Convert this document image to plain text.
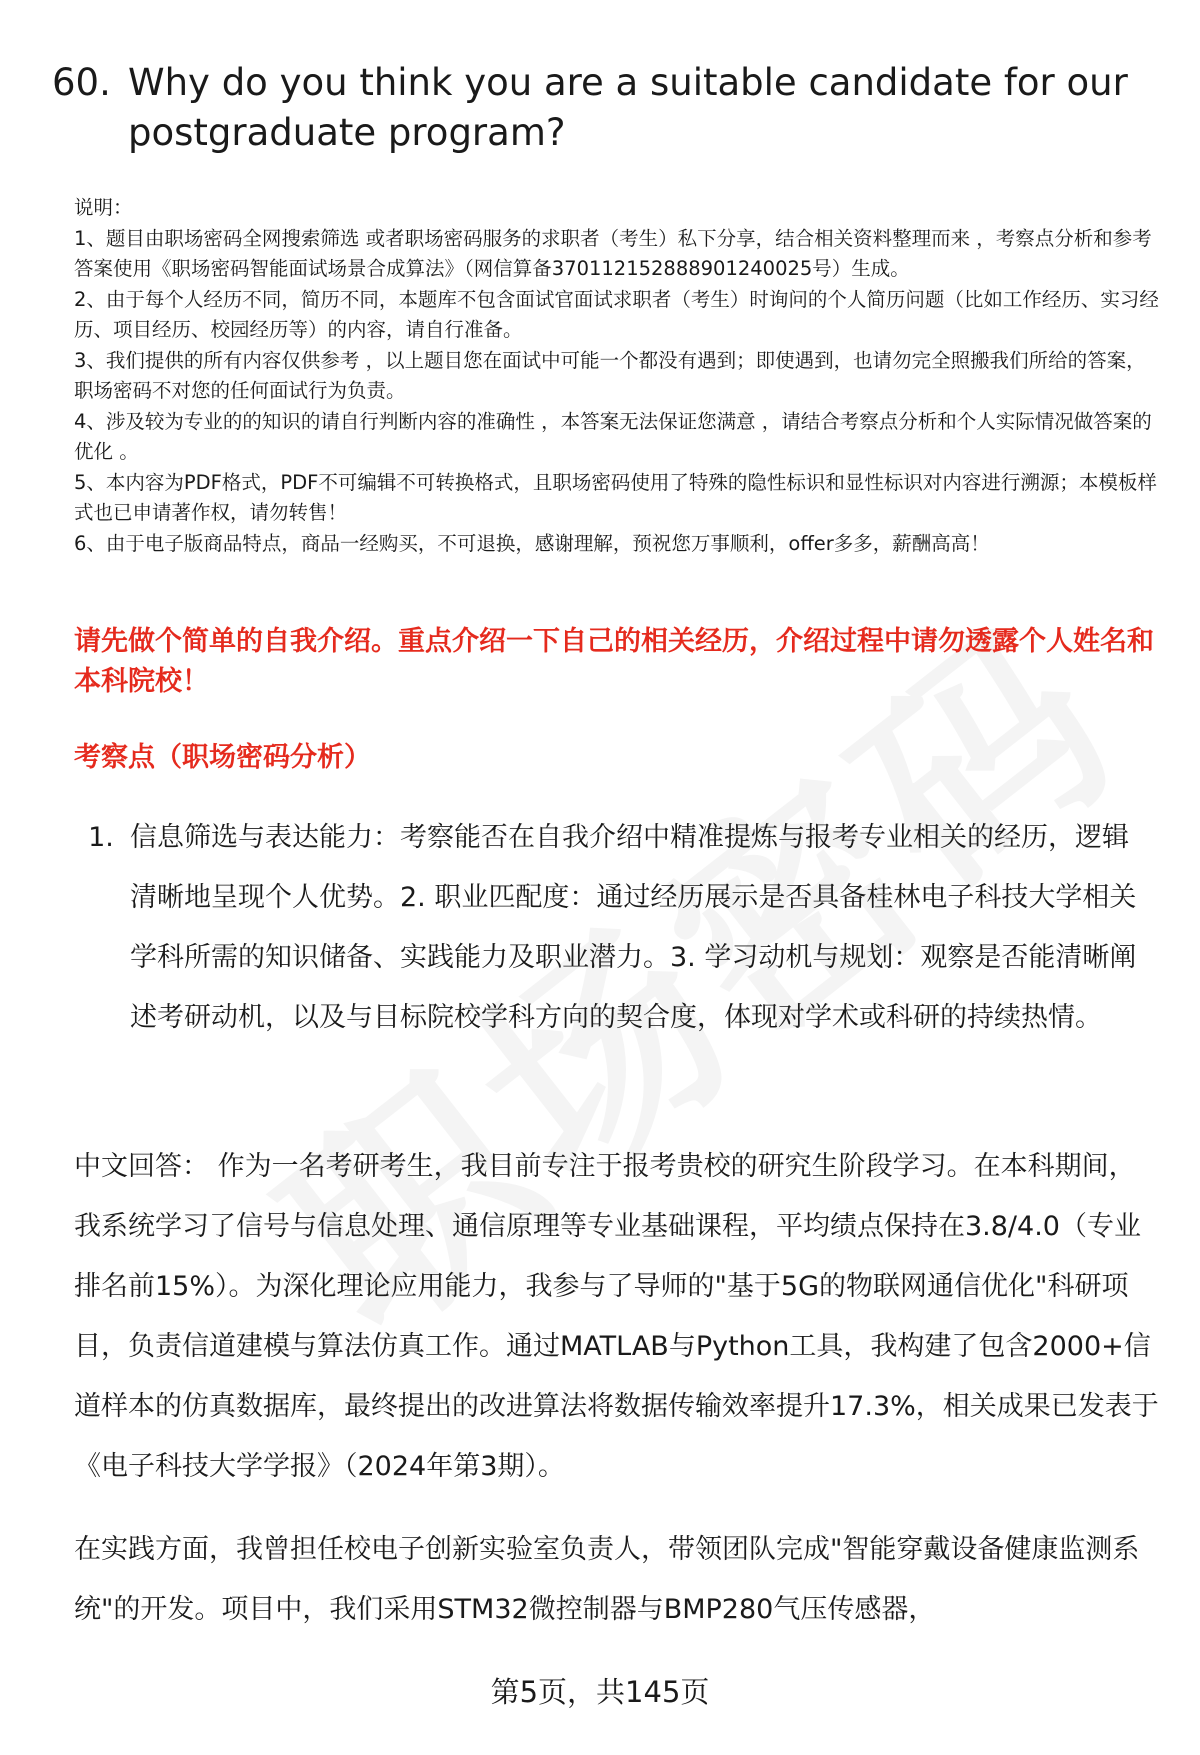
60. Why do you think you are a suitable candidate for our postgraduate program?

说明：

1、题目由职场密码全网搜索筛选 或者职场密码服务的求职者（考生）私下分享，结合相关资料整理而来 ，考察点分析和参考答案使用《职场密码智能面试场景合成算法》（网信算备370112152888901240025号）生成。

2、由于每个人经历不同，简历不同，本题库不包含面试官面试求职者（考生）时询问的个人简历问题（比如工作经历、实习经历、项目经历、校园经历等）的内容，请自行准备。

3、我们提供的所有内容仅供参考 ，以上题目您在面试中可能一个都没有遇到；即使遇到，也请勿完全照搬我们所给的答案，职场密码不对您的任何面试行为负责。

4、涉及较为专业的的知识的请自行判断内容的准确性 ，本答案无法保证您满意 ，请结合考察点分析和个人实际情况做答案的优化 。

5、本内容为PDF格式，PDF不可编辑不可转换格式，且职场密码使用了特殊的隐性标识和显性标识对内容进行溯源；本模板样式也已申请著作权，请勿转售！

6、由于电子版商品特点，商品一经购买，不可退换，感谢理解，预祝您万事顺利，offer多多，薪酬高高！

请先做个简单的自我介绍。重点介绍一下自己的相关经历，介绍过程中请勿透露个人姓名和本科院校！
考察点（职场密码分析）
1. 信息筛选与表达能力：考察能否在自我介绍中精准提炼与报考专业相关的经历，逻辑清晰地呈现个人优势。2. 职业匹配度：通过经历展示是否具备桂林电子科技大学相关学科所需的知识储备、实践能力及职业潜力。3. 学习动机与规划：观察是否能清晰阐述考研动机，以及与目标院校学科方向的契合度，体现对学术或科研的持续热情。
中文回答： 作为一名考研考生，我目前专注于报考贵校的研究生阶段学习。在本科期间，我系统学习了信号与信息处理、通信原理等专业基础课程，平均绩点保持在3.8/4.0（专业排名前15%）。为深化理论应用能力，我参与了导师的"基于5G的物联网通信优化"科研项目，负责信道建模与算法仿真工作。通过MATLAB与Python工具，我构建了包含2000+信道样本的仿真数据库，最终提出的改进算法将数据传输效率提升17.3%，相关成果已发表于《电子科技大学学报》（2024年第3期）。
在实践方面，我曾担任校电子创新实验室负责人，带领团队完成"智能穿戴设备健康监测系统"的开发。项目中，我们采用STM32微控制器与BMP280气压传感器，
第5页，共145页
